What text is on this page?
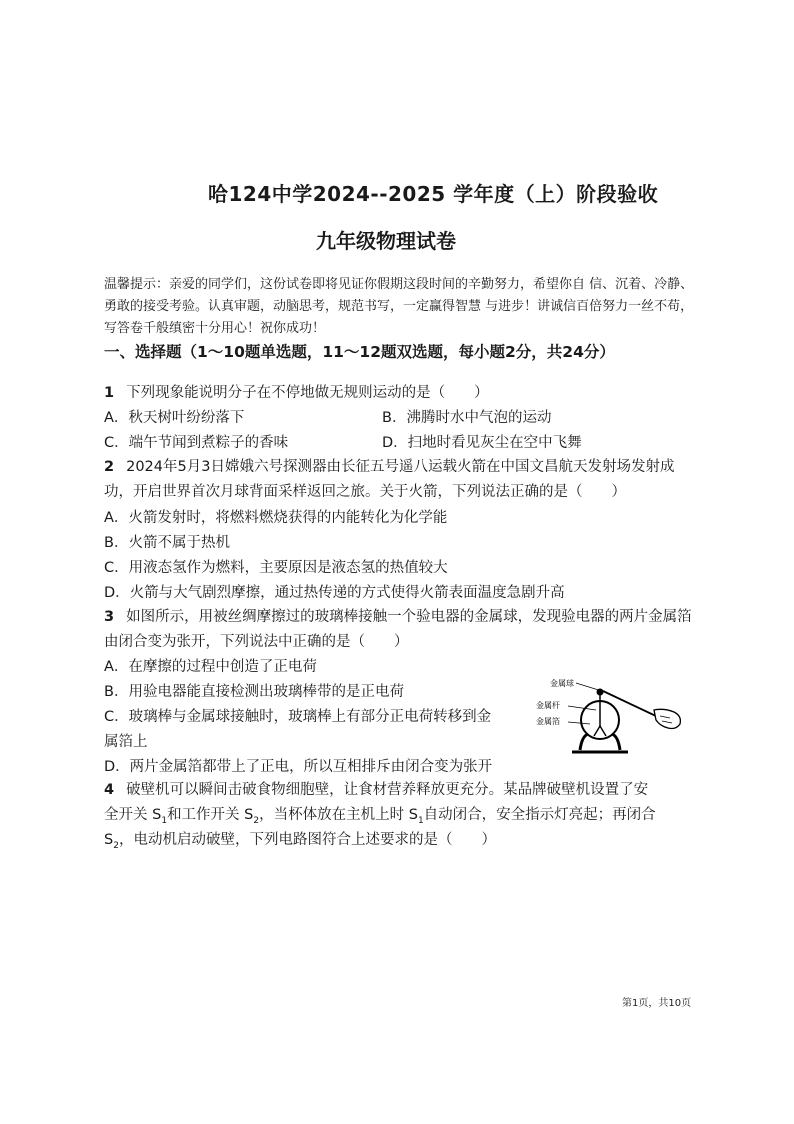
哈124中学2024--2025 学年度（上）阶段验收
九年级物理试卷
温馨提示：亲爱的同学们，这份试卷即将见证你假期这段时间的辛勤努力，希望你自 信、沉着、冷静、勇敢的接受考验。认真审题，动脑思考，规范书写，一定赢得智慧 与进步！讲诚信百倍努力一丝不苟，写答卷千般缜密十分用心！祝你成功！
一、选择题（1～10题单选题，11～12题双选题，每小题2分，共24分）
1 下列现象能说明分子在不停地做无规则运动的是（　　）
A．秋天树叶纷纷落下	B．沸腾时水中气泡的运动
C．端午节闻到煮粽子的香味	D．扫地时看见灰尘在空中飞舞
2 2024年5月3日嫦娥六号探测器由长征五号遥八运载火箭在中国文昌航天发射场发射成功，开启世界首次月球背面采样返回之旅。关于火箭，下列说法正确的是（　　）
A．火箭发射时，将燃料燃烧获得的内能转化为化学能
B．火箭不属于热机
C．用液态氢作为燃料，主要原因是液态氢的热值较大
D．火箭与大气剧烈摩擦，通过热传递的方式使得火箭表面温度急剧升高
3 如图所示，用被丝绸摩擦过的玻璃棒接触一个验电器的金属球，发现验电器的两片金属箔由闭合变为张开，下列说法中正确的是（　　）
A．在摩擦的过程中创造了正电荷
B．用验电器能直接检测出玻璃棒带的是正电荷
C．玻璃棒与金属球接触时，玻璃棒上有部分正电荷转移到金
属箔上
D．两片金属箔都带上了正电，所以互相排斥由闭合变为张开
金属球
金属杆
金属箔
4 破壁机可以瞬间击破食物细胞壁，让食材营养释放更充分。某品牌破壁机设置了安
全开关 $S_1$和工作开关 $S_2$，当杯体放在主机上时 $S_1$自动闭合，安全指示灯亮起；再闭合
$S_2$，电动机启动破壁，下列电路图符合上述要求的是（　　）
第1页，共10页
